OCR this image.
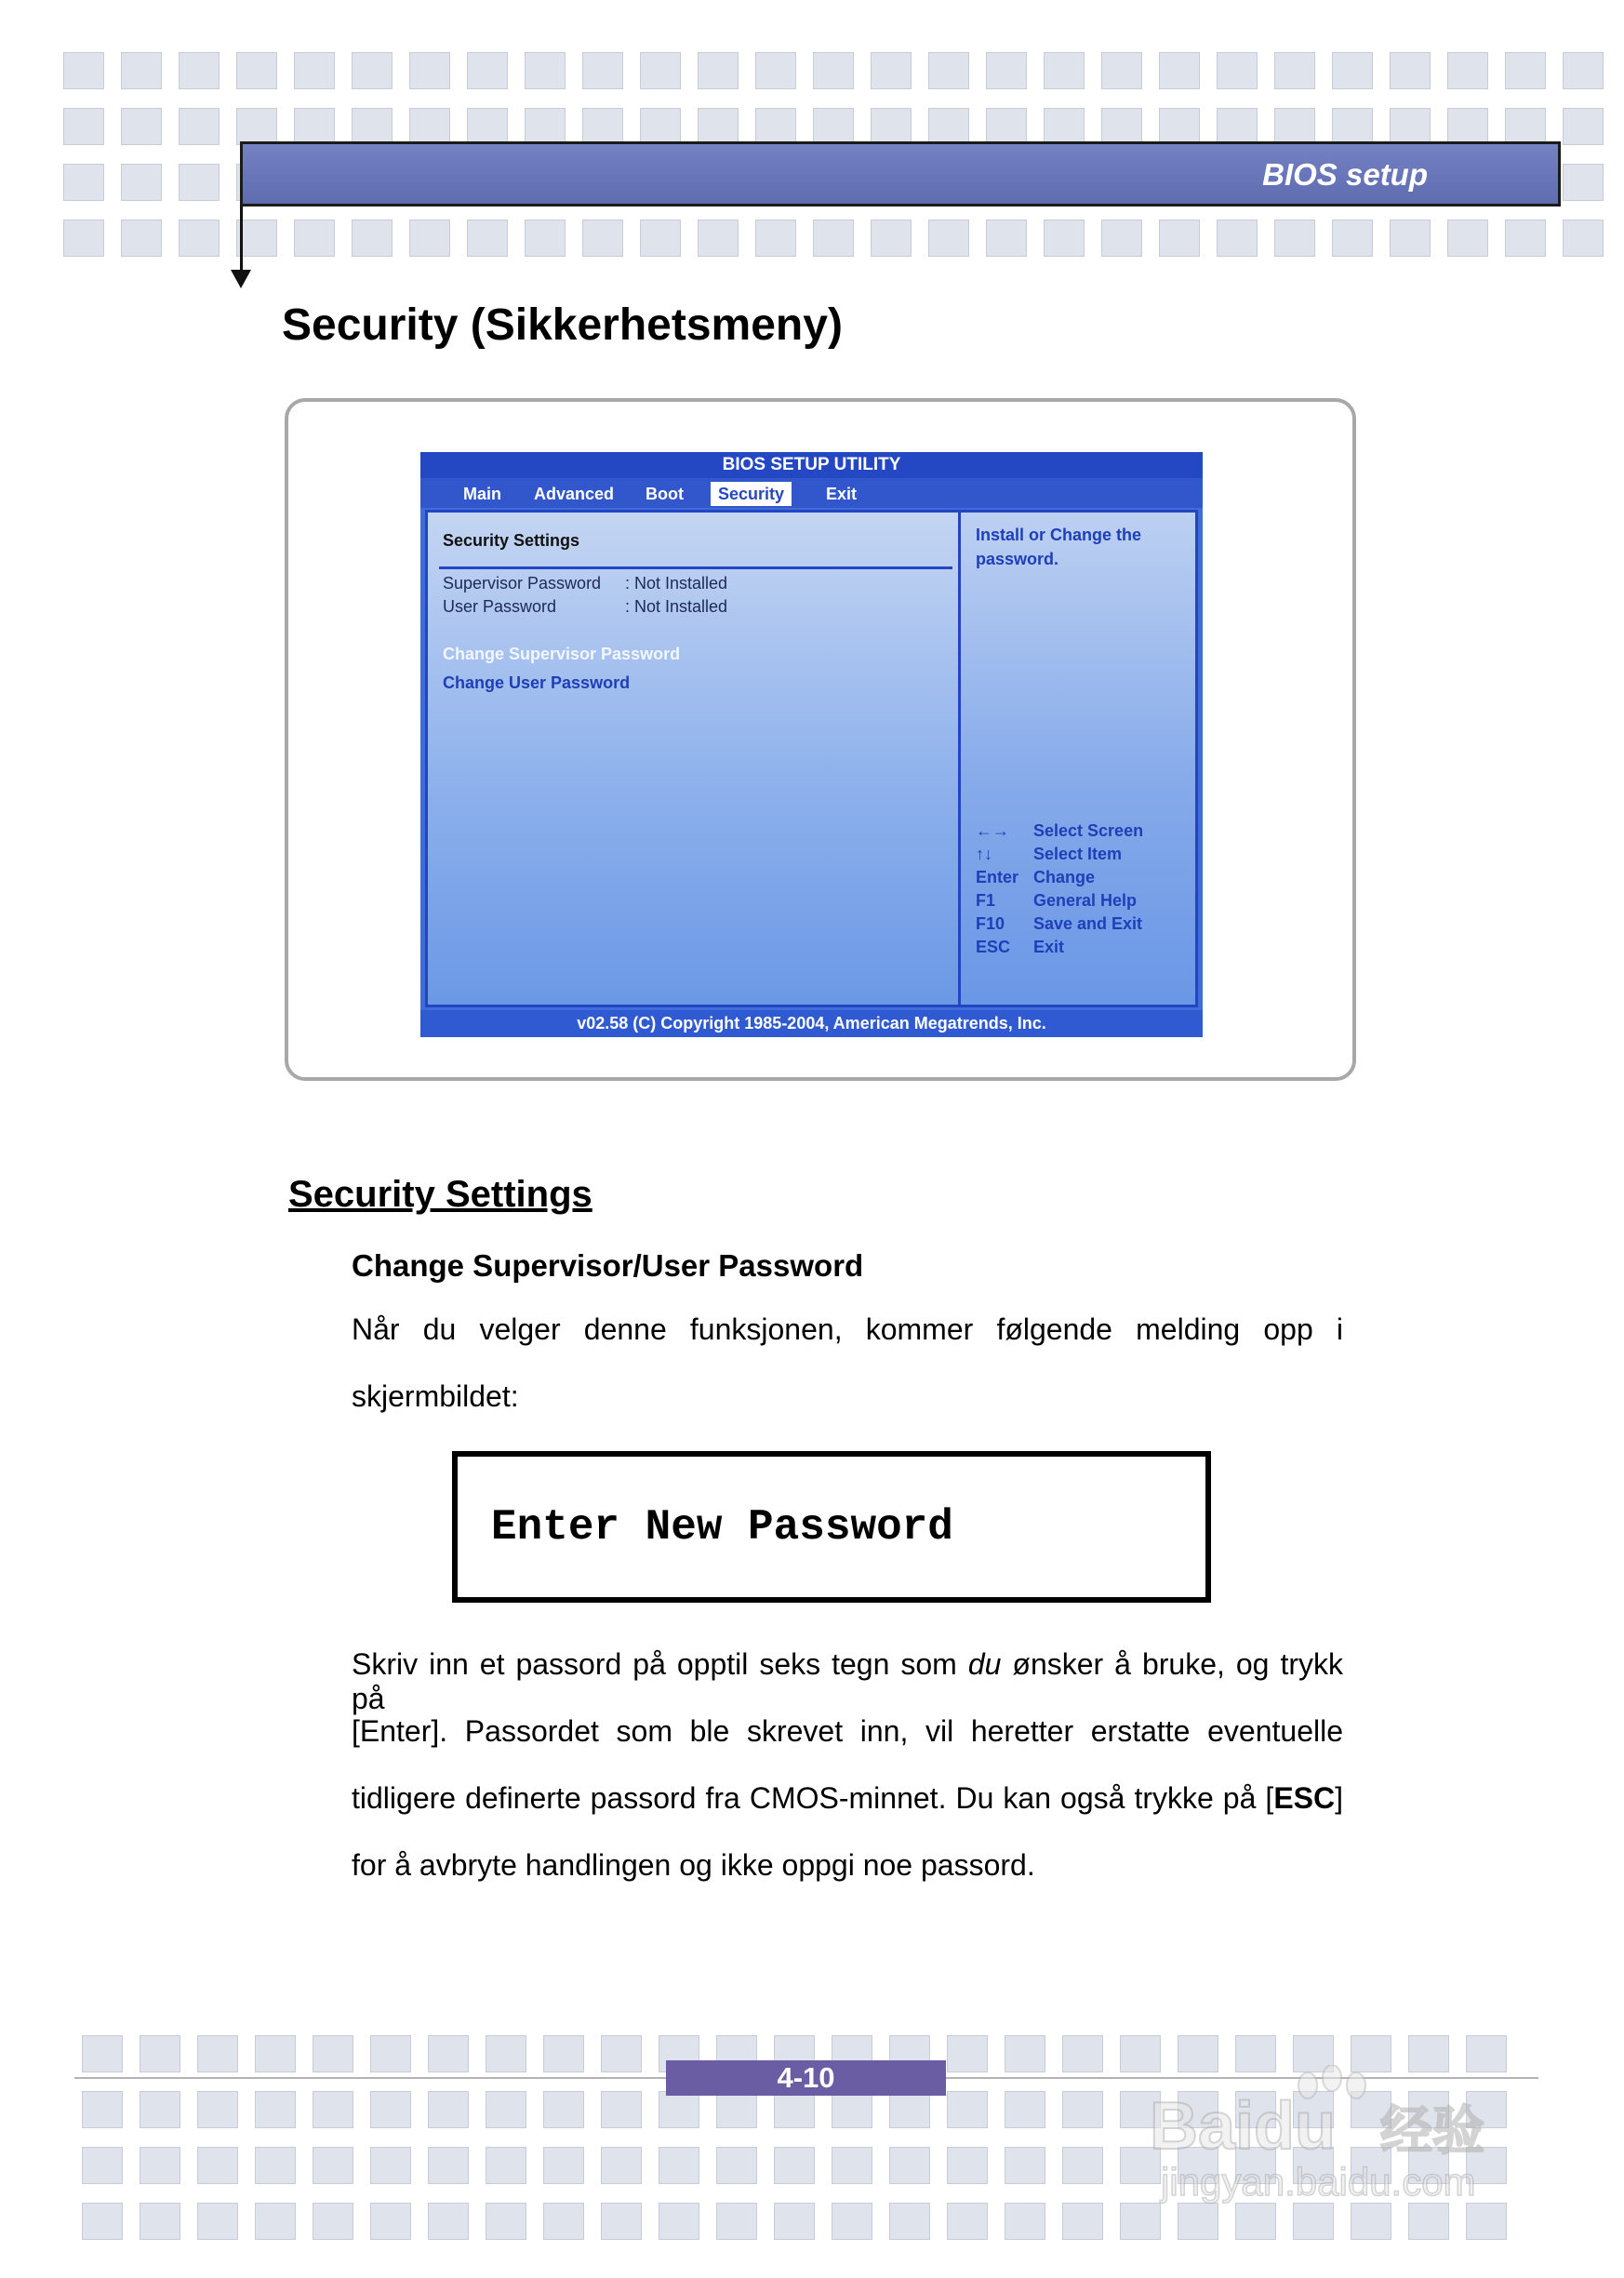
BIOS setup
Security (Sikkerhetsmeny)
BIOS SETUP UTILITY
Main	Advanced	Boot	Security	Exit
Security Settings
Supervisor Password : Not Installed
User Password	: Not Installed
Change Supervisor Password
Change User Password
Install or Change the
password.
←→ Select Screen
↑↓ Select Item
Enter Change
F1 General Help
F10 Save and Exit
ESC Exit
v02.58 (C) Copyright 1985-2004, American Megatrends, Inc.
Security Settings
Change Supervisor/User Password
Når du velger denne funksjonen, kommer følgende melding opp i
skjermbildet:
Enter New Password
Skriv inn et passord på opptil seks tegn som du ønsker å bruke, og trykk på
[Enter]. Passordet som ble skrevet inn, vil heretter erstatte eventuelle
tidligere definerte passord fra CMOS-minnet. Du kan også trykke på [ESC]
for å avbryte handlingen og ikke oppgi noe passord.
4-10
Baidu 经验
jingyan.baidu.com
